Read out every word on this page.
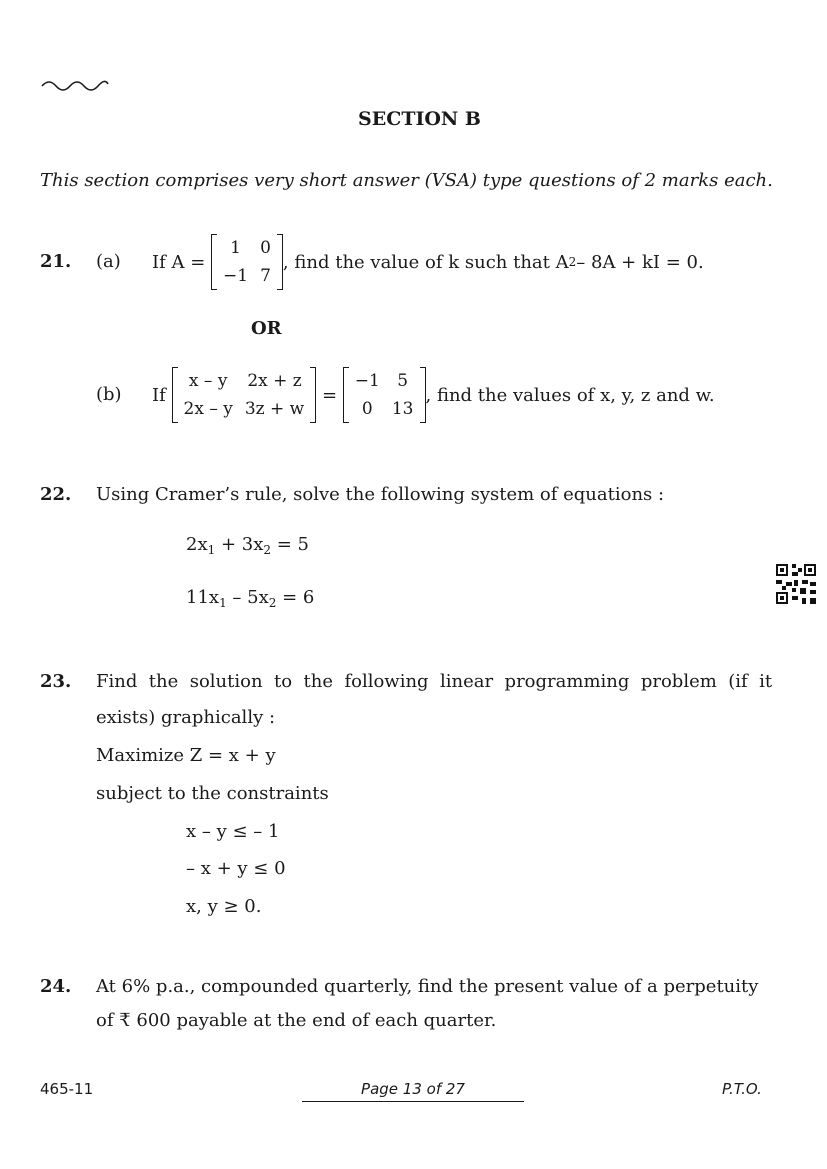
SECTION B
This section comprises very short answer (VSA) type questions of 2 marks each.
21. (a) If A =

1	0
−1	7
, find the value of k such that A 2 – 8A + kI = 0.
OR
(b) If

x – y	2x + z
2x – y	3z + w

=

−1	5
0	13
, find the values of x, y, z and w.
22. Using Cramer’s rule, solve the following system of equations :
$2x_1 + 3x_2 = 5$
$11x_1 - 5x_2 = 6$
23. Find  the  solution  to  the  following  linear  programming  problem  (if  it
exists) graphically :
Maximize Z = x + y
subject to the constraints
x – y ≤ – 1
– x + y ≤ 0
x, y ≥ 0.
24. At 6% p.a., compounded quarterly, find the present value of a perpetuity
of ₹ 600 payable at the end of each quarter.
465-11	Page 13 of 27	P.T.O.
